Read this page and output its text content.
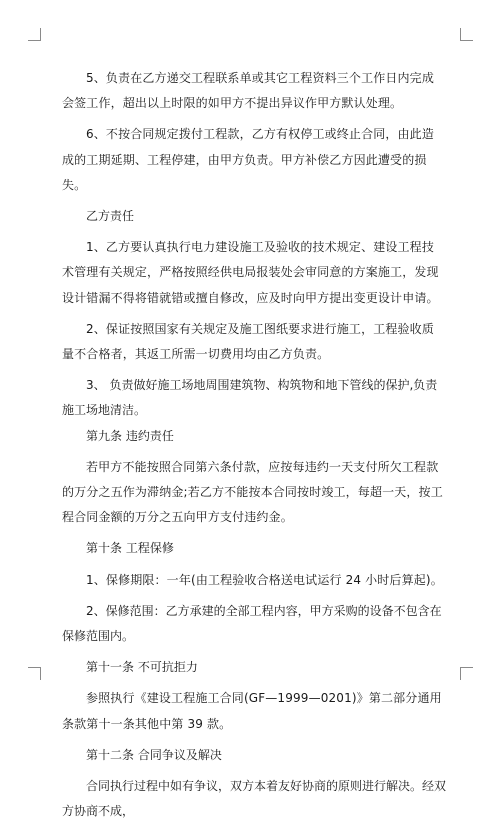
5、负责在乙方递交工程联系单或其它工程资料三个工作日内完成会签工作，超出以上时限的如甲方不提出异议作甲方默认处理。

6、不按合同规定拨付工程款，乙方有权停工或终止合同，由此造成的工期延期、工程停建，由甲方负责。甲方补偿乙方因此遭受的损失。

乙方责任

1、乙方要认真执行电力建设施工及验收的技术规定、建设工程技术管理有关规定，严格按照经供电局报装处会审同意的方案施工，发现设计错漏不得将错就错或擅自修改，应及时向甲方提出变更设计申请。

2、保证按照国家有关规定及施工图纸要求进行施工，工程验收质量不合格者，其返工所需一切费用均由乙方负责。

3、 负责做好施工场地周围建筑物、构筑物和地下管线的保护,负责施工场地清洁。

第九条 违约责任

若甲方不能按照合同第六条付款，应按每违约一天支付所欠工程款的万分之五作为滞纳金;若乙方不能按本合同按时竣工，每超一天，按工程合同金额的万分之五向甲方支付违约金。

第十条 工程保修

1、保修期限：一年(由工程验收合格送电试运行 24 小时后算起)。

2、保修范围：乙方承建的全部工程内容，甲方采购的设备不包含在保修范围内。

第十一条 不可抗拒力

参照执行《建设工程施工合同(GF—1999—0201)》第二部分通用条款第十一条其他中第 39 款。

第十二条 合同争议及解决

合同执行过程中如有争议，双方本着友好协商的原则进行解决。经双方协商不成，
